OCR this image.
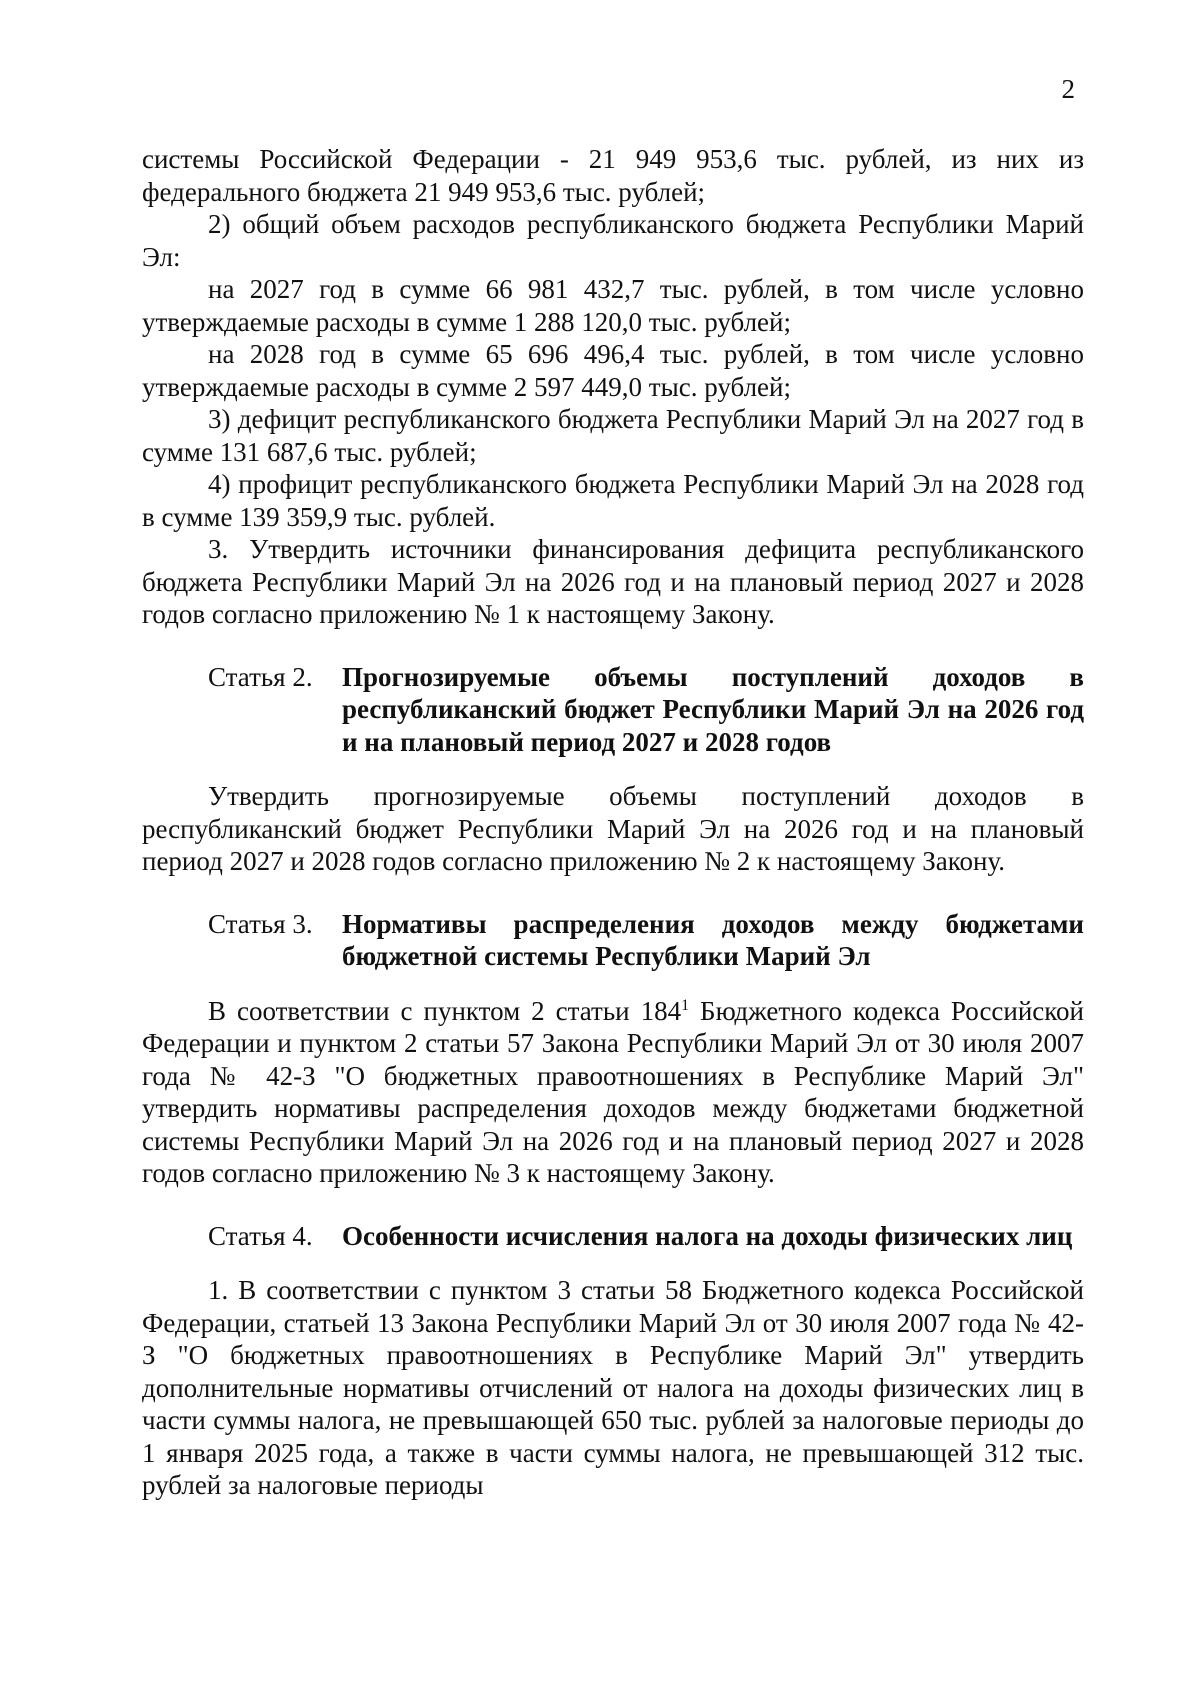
2

системы Российской Федерации - 21 949 953,6 тыс. рублей, из них из федерального бюджета 21 949 953,6 тыс. рублей;

2) общий объем расходов республиканского бюджета Республики Марий Эл:

на 2027 год в сумме 66 981 432,7 тыс. рублей, в том числе условно утверждаемые расходы в сумме 1 288 120,0 тыс. рублей;

на 2028 год в сумме 65 696 496,4 тыс. рублей, в том числе условно утверждаемые расходы в сумме 2 597 449,0 тыс. рублей;

3) дефицит республиканского бюджета Республики Марий Эл на 2027 год в сумме 131 687,6 тыс. рублей;

4) профицит республиканского бюджета Республики Марий Эл на 2028 год в сумме 139 359,9 тыс. рублей.

3. Утвердить источники финансирования дефицита республиканского бюджета Республики Марий Эл на 2026 год и на плановый период 2027 и 2028 годов согласно приложению № 1 к настоящему Закону.

Статья 2.	Прогнозируемые объемы поступлений доходов в республиканский бюджет Республики Марий Эл на 2026 год и на плановый период 2027 и 2028 годов

Утвердить прогнозируемые объемы поступлений доходов в республиканский бюджет Республики Марий Эл на 2026 год и на плановый период 2027 и 2028 годов согласно приложению № 2 к настоящему Закону.

Статья 3.	Нормативы распределения доходов между бюджетами бюджетной системы Республики Марий Эл

В соответствии с пунктом 2 статьи $184^1$ Бюджетного кодекса Российской Федерации и пунктом 2 статьи 57 Закона Республики Марий Эл от 30 июля 2007 года № 42-З "О бюджетных правоотношениях в Республике Марий Эл" утвердить нормативы распределения доходов между бюджетами бюджетной системы Республики Марий Эл на 2026 год и на плановый период 2027 и 2028 годов согласно приложению № 3 к настоящему Закону.

Статья 4.	Особенности исчисления налога на доходы физических лиц

1. В соответствии с пунктом 3 статьи 58 Бюджетного кодекса Российской Федерации, статьей 13 Закона Республики Марий Эл от 30 июля 2007 года № 42-З "О бюджетных правоотношениях в Республике Марий Эл" утвердить дополнительные нормативы отчислений от налога на доходы физических лиц в части суммы налога, не превышающей 650 тыс. рублей за налоговые периоды до 1 января 2025 года, а также в части суммы налога, не превышающей 312 тыс. рублей за налоговые периоды
